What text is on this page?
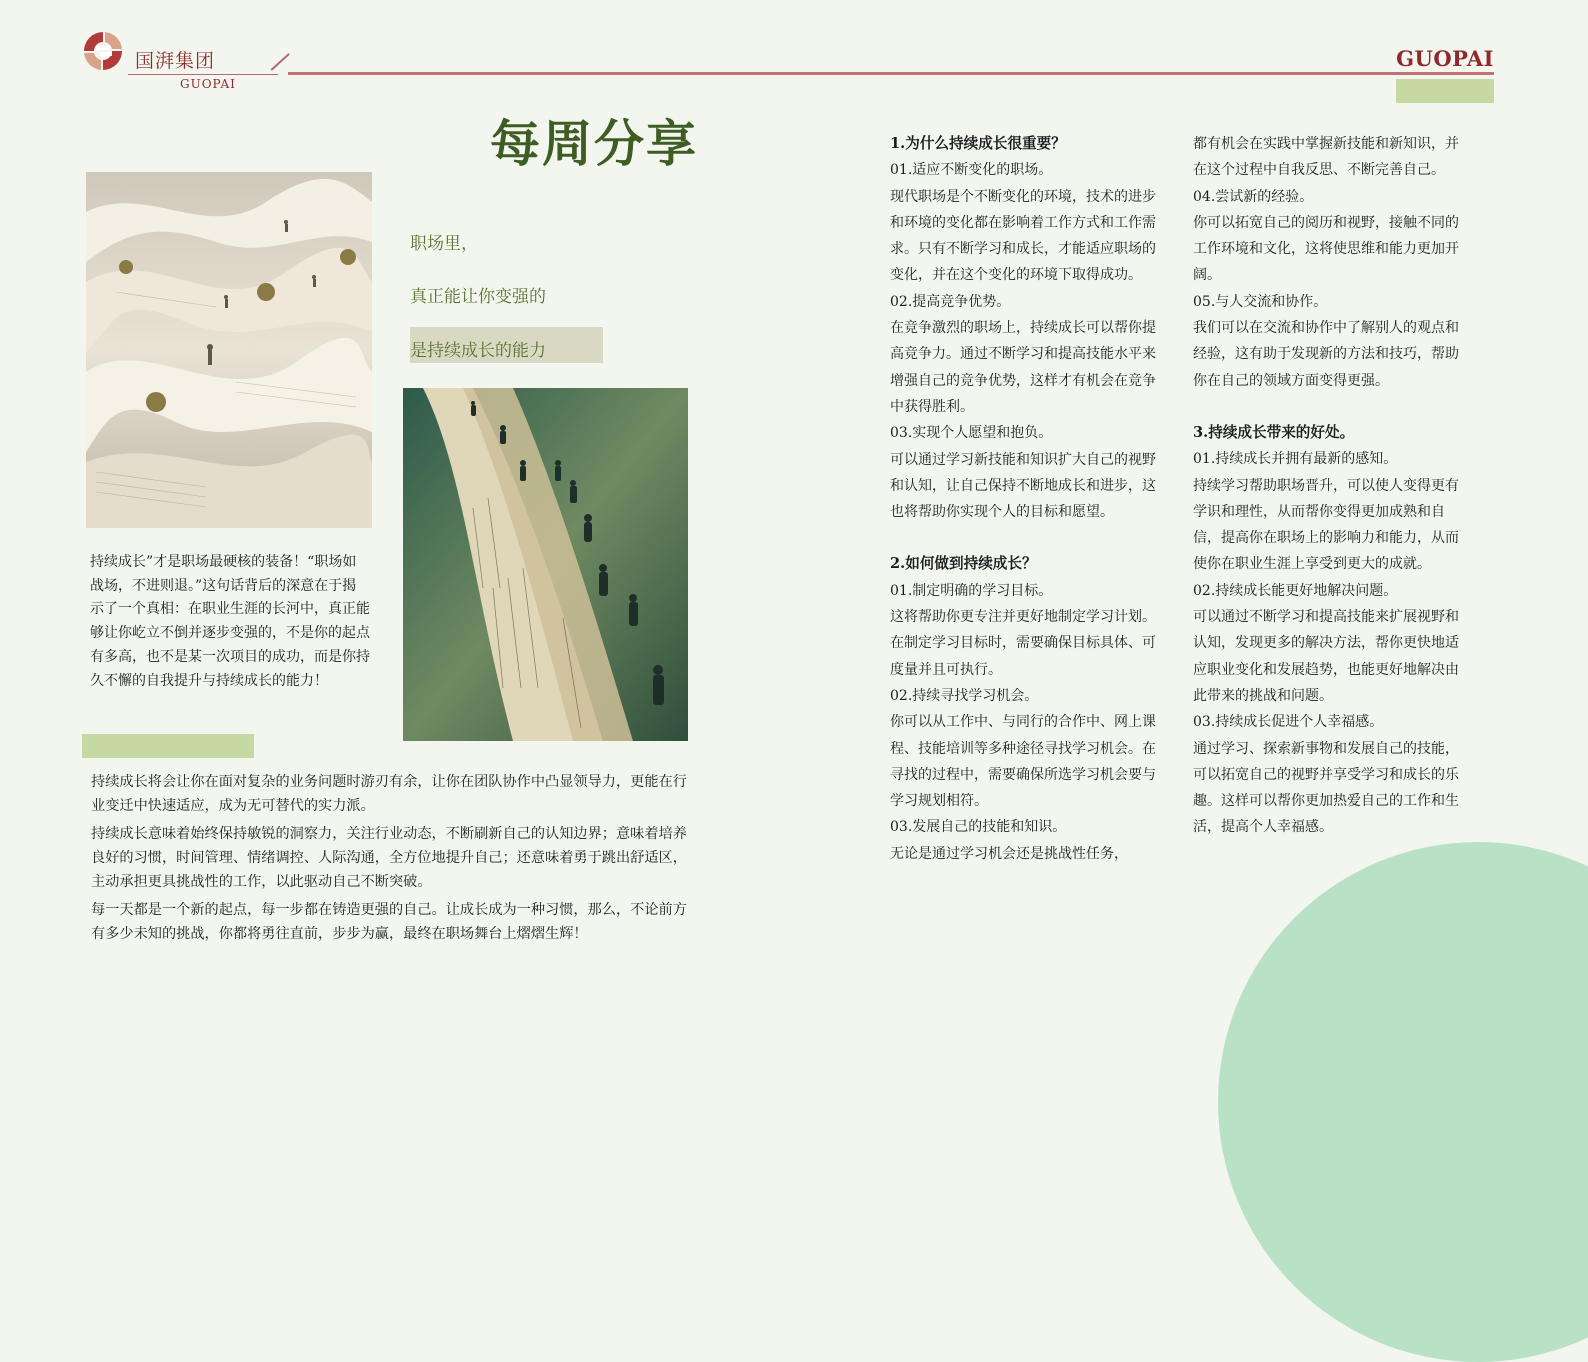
国湃集团
GUOPAI
GUOPAI
每周分享
职场里，
真正能让你变强的
是持续成长的能力
持续成长”才是职场最硬核的装备！“职场如战场，不进则退。”这句话背后的深意在于揭示了一个真相：在职业生涯的长河中，真正能够让你屹立不倒并逐步变强的，不是你的起点有多高，也不是某一次项目的成功，而是你持久不懈的自我提升与持续成长的能力！
持续成长将会让你在面对复杂的业务问题时游刃有余，让你在团队协作中凸显领导力，更能在行业变迁中快速适应，成为无可替代的实力派。
持续成长意味着始终保持敏锐的洞察力，关注行业动态，不断刷新自己的认知边界；意味着培养良好的习惯，时间管理、情绪调控、人际沟通，全方位地提升自己；还意味着勇于跳出舒适区，主动承担更具挑战性的工作，以此驱动自己不断突破。
每一天都是一个新的起点，每一步都在铸造更强的自己。让成长成为一种习惯，那么，不论前方有多少未知的挑战，你都将勇往直前，步步为赢，最终在职场舞台上熠熠生辉！

1.为什么持续成长很重要？

01.适应不断变化的职场。

现代职场是个不断变化的环境，技术的进步和环境的变化都在影响着工作方式和工作需求。只有不断学习和成长，才能适应职场的变化，并在这个变化的环境下取得成功。

02.提高竞争优势。

在竞争激烈的职场上，持续成长可以帮你提高竞争力。通过不断学习和提高技能水平来增强自己的竞争优势，这样才有机会在竞争中获得胜利。

03.实现个人愿望和抱负。

可以通过学习新技能和知识扩大自己的视野和认知，让自己保持不断地成长和进步，这也将帮助你实现个人的目标和愿望。

2.如何做到持续成长？

01.制定明确的学习目标。

这将帮助你更专注并更好地制定学习计划。在制定学习目标时，需要确保目标具体、可度量并且可执行。

02.持续寻找学习机会。

你可以从工作中、与同行的合作中、网上课程、技能培训等多种途径寻找学习机会。在寻找的过程中，需要确保所选学习机会要与学习规划相符。

03.发展自己的技能和知识。

无论是通过学习机会还是挑战性任务，

都有机会在实践中掌握新技能和新知识，并在这个过程中自我反思、不断完善自己。

04.尝试新的经验。

你可以拓宽自己的阅历和视野，接触不同的工作环境和文化，这将使思维和能力更加开阔。

05.与人交流和协作。

我们可以在交流和协作中了解别人的观点和经验，这有助于发现新的方法和技巧，帮助你在自己的领域方面变得更强。

3.持续成长带来的好处。

01.持续成长并拥有最新的感知。

持续学习帮助职场晋升，可以使人变得更有学识和理性，从而帮你变得更加成熟和自信，提高你在职场上的影响力和能力，从而使你在职业生涯上享受到更大的成就。

02.持续成长能更好地解决问题。

可以通过不断学习和提高技能来扩展视野和认知，发现更多的解决方法，帮你更快地适应职业变化和发展趋势，也能更好地解决由此带来的挑战和问题。

03.持续成长促进个人幸福感。

通过学习、探索新事物和发展自己的技能，可以拓宽自己的视野并享受学习和成长的乐趣。这样可以帮你更加热爱自己的工作和生活，提高个人幸福感。
